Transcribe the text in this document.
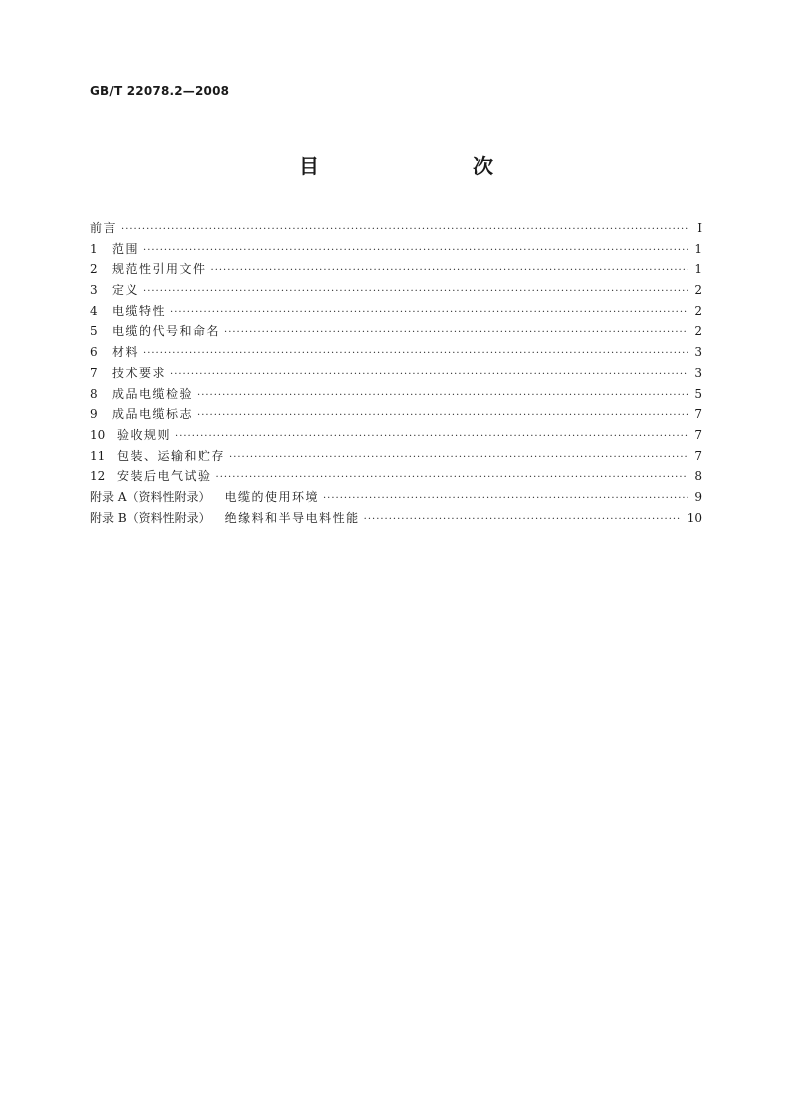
GB/T 22078.2—2008
目　　次
前言 ·····	I
1	范围 ·····	1
2	规范性引用文件 ·····	1
3	定义 ·····	2
4	电缆特性 ·····	2
5	电缆的代号和命名 ·····	2
6	材料 ·····	3
7	技术要求 ·····	3
8	成品电缆检验 ·····	5
9	成品电缆标志 ·····	7
10 验收规则 ·····	7
11 包装、运输和贮存 ·····	7
12 安装后电气试验 ·····	8
附录 A（资料性附录） 电缆的使用环境 ·····	9
附录 B（资料性附录） 绝缘料和半导电料性能 ·····	10
